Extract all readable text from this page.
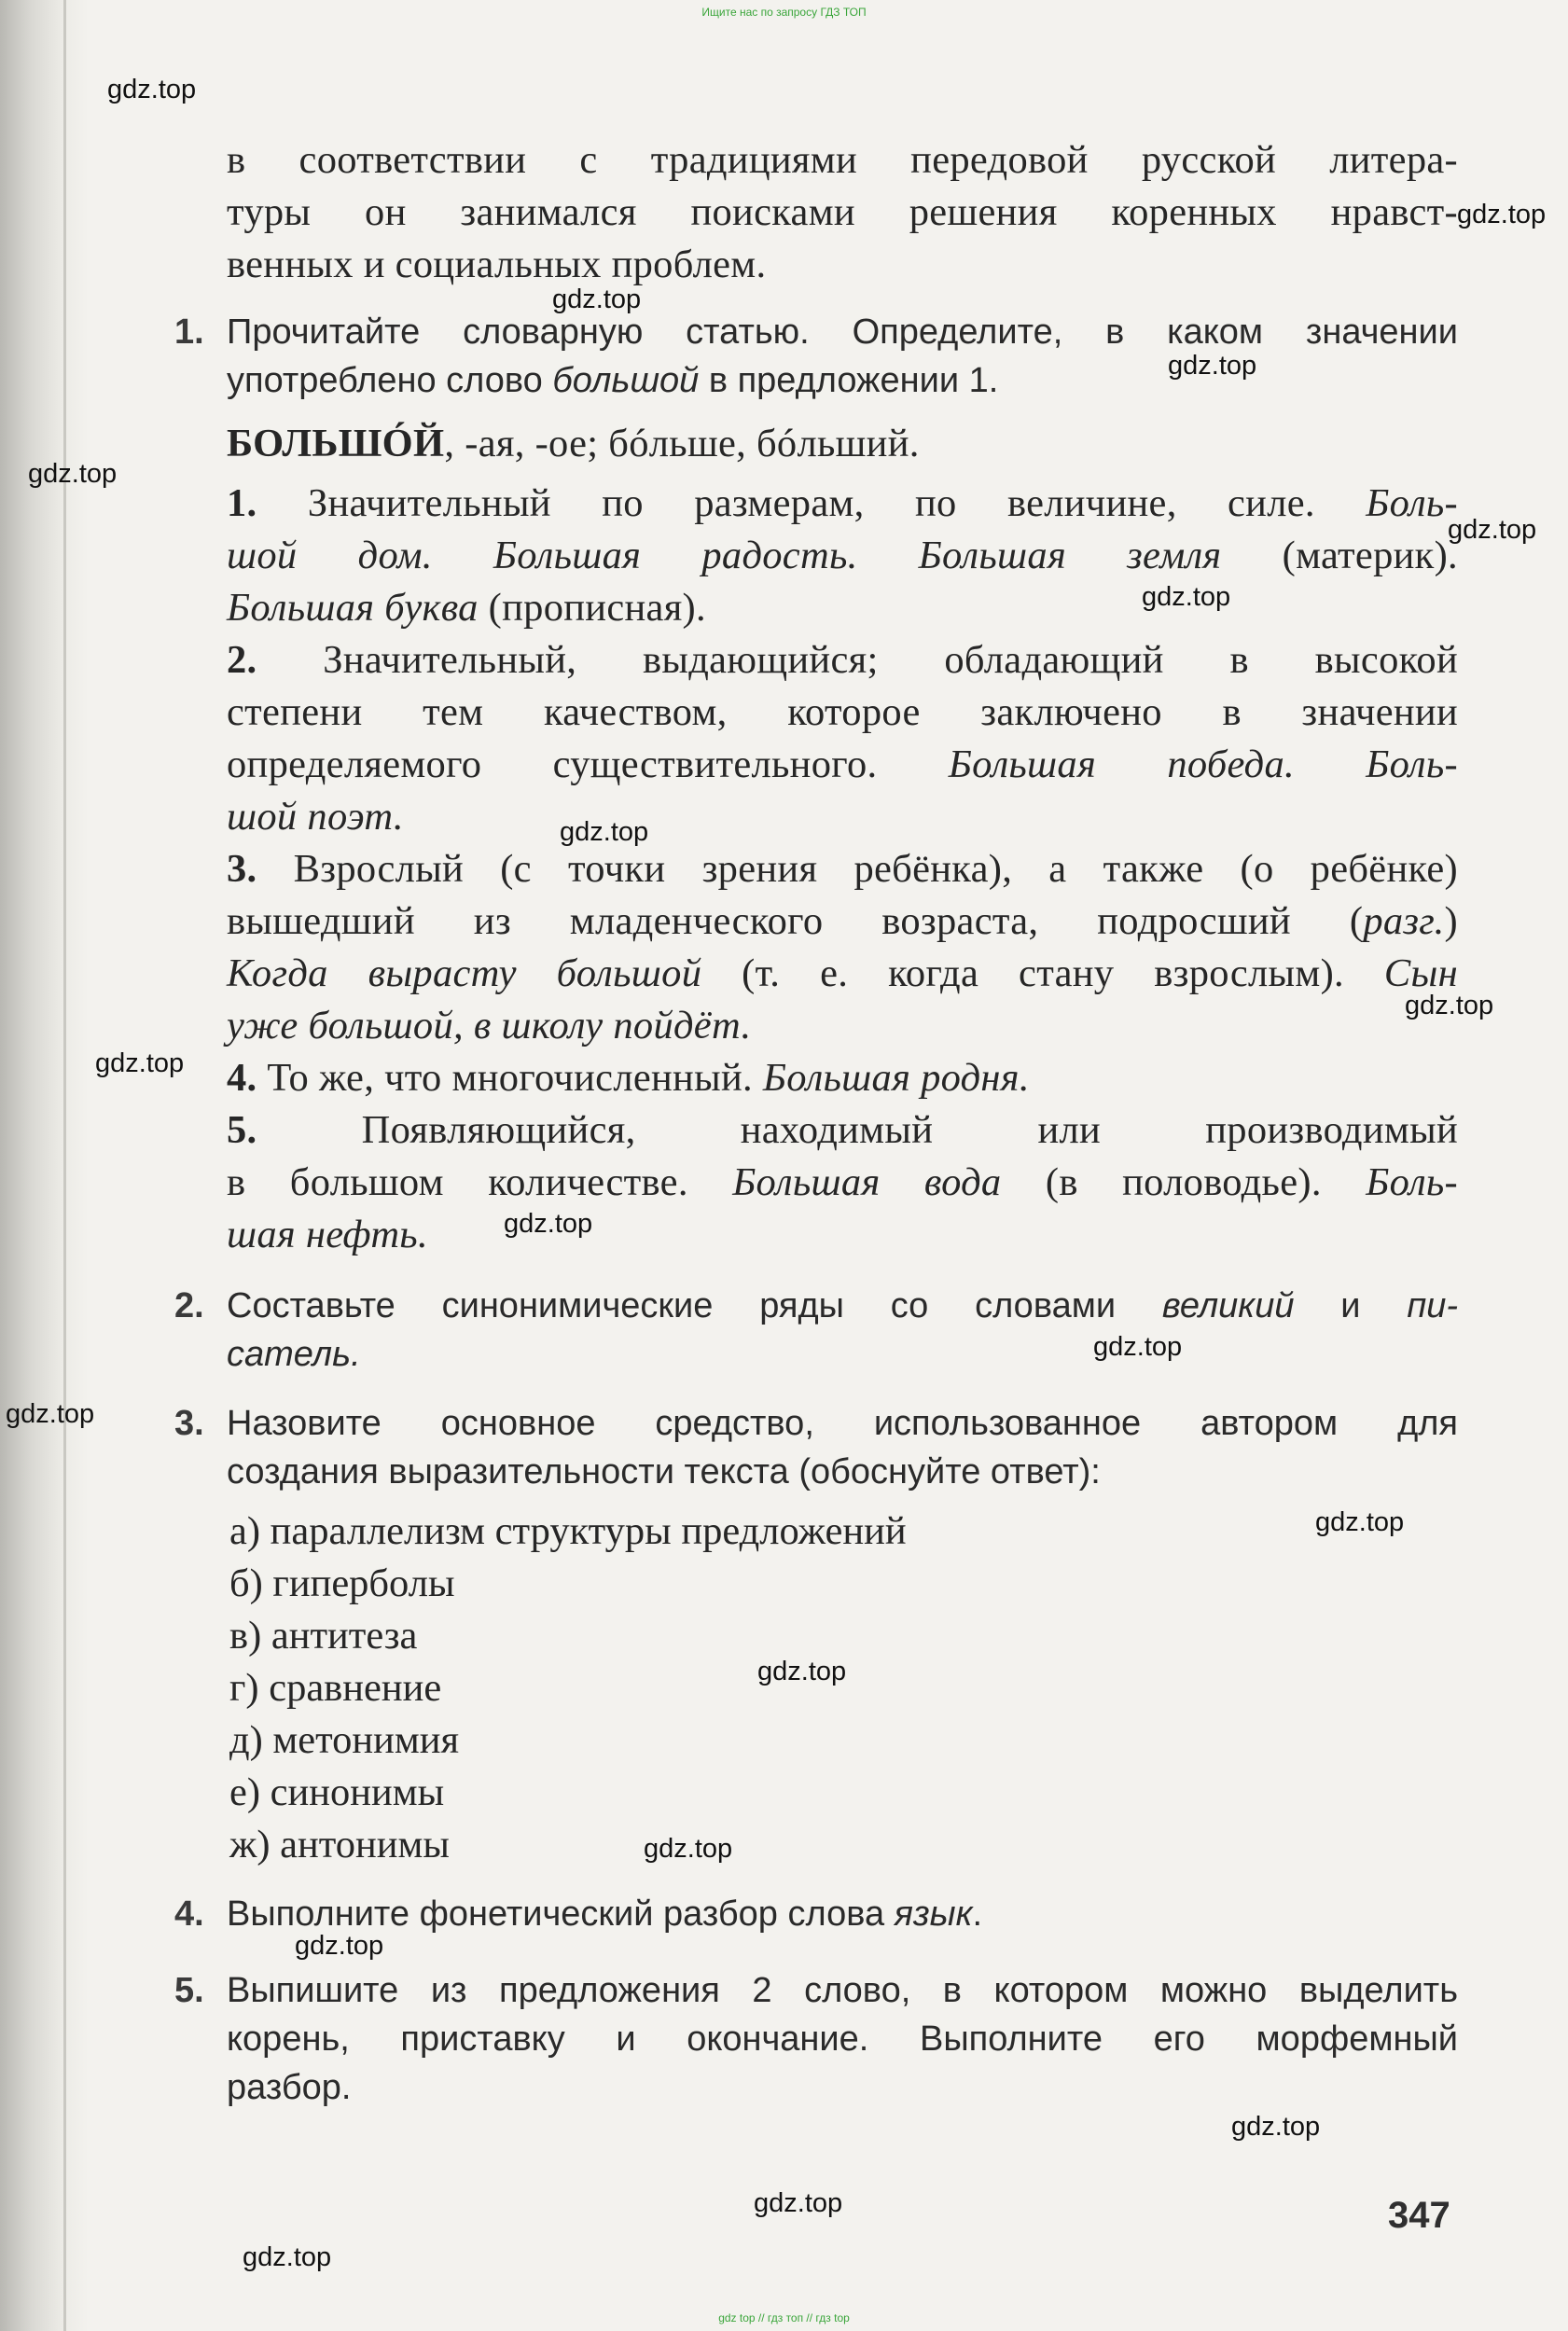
Ищите нас по запросу ГДЗ ТОП
в соответствии с традициями передовой русской литера-
туры он занимался поисками решения коренных нравст-
венных и социальных проблем.
1. Прочитайте словарную статью. Определите, в каком значении
употреблено слово большой в предложении 1.
БОЛЬШÓЙ, -ая, -ое; бóльше, бóльший.
1. Значительный по размерам, по величине, силе. Боль-
шой дом. Большая радость. Большая земля (материк).
Большая буква (прописная).
2. Значительный, выдающийся; обладающий в высокой
степени тем качеством, которое заключено в значении
определяемого существительного. Большая победа. Боль-
шой поэт.
3. Взрослый (с точки зрения ребёнка), а также (о ребёнке)
вышедший из младенческого возраста, подросший (разг.)
Когда вырасту большой (т. е. когда стану взрослым). Сын
уже большой, в школу пойдёт.
4. То же, что многочисленный. Большая родня.
5. Появляющийся, находимый или производимый
в большом количестве. Большая вода (в половодье). Боль-
шая нефть.
2. Составьте синонимические ряды со словами великий и пи-
сатель.
3. Назовите основное средство, использованное автором для
создания выразительности текста (обоснуйте ответ):
а) параллелизм структуры предложений
б) гиперболы
в) антитеза
г) сравнение
д) метонимия
е) синонимы
ж) антонимы
4. Выполните фонетический разбор слова язык.
5. Выпишите из предложения 2 слово, в котором можно выделить
корень, приставку и окончание. Выполните его морфемный
разбор.
347
gdz.top
gdz.top
gdz.top
gdz.top
gdz.top
gdz.top
gdz.top
gdz.top
gdz.top
gdz.top
gdz.top
gdz.top
gdz.top
gdz.top
gdz.top
gdz.top
gdz.top
gdz.top
gdz.top
gdz.top
gdz top // гдз топ // гдз top
